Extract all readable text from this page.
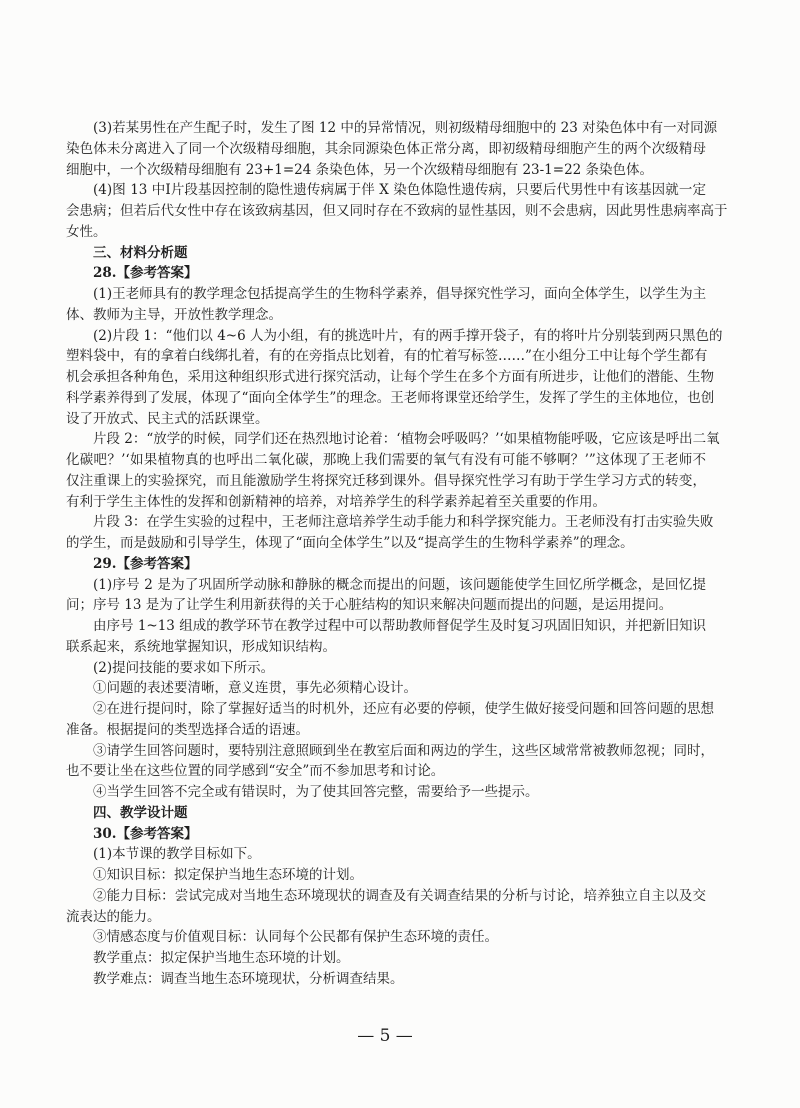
(3)若某男性在产生配子时，发生了图 12 中的异常情况，则初级精母细胞中的 23 对染色体中有一对同源
染色体未分离进入了同一个次级精母细胞，其余同源染色体正常分离，即初级精母细胞产生的两个次级精母
细胞中，一个次级精母细胞有 23+1=24 条染色体，另一个次级精母细胞有 23-1=22 条染色体。
(4)图 13 中Ⅰ片段基因控制的隐性遗传病属于伴 X 染色体隐性遗传病，只要后代男性中有该基因就一定
会患病；但若后代女性中存在该致病基因，但又同时存在不致病的显性基因，则不会患病，因此男性患病率高于
女性。
三、材料分析题
28.【参考答案】
(1)王老师具有的教学理念包括提高学生的生物科学素养，倡导探究性学习，面向全体学生，以学生为主
体、教师为主导，开放性教学理念。
(2)片段 1：“他们以 4~6 人为小组，有的挑选叶片，有的两手撑开袋子，有的将叶片分别装到两只黑色的
塑料袋中，有的拿着白线绑扎着，有的在旁指点比划着，有的忙着写标签……”在小组分工中让每个学生都有
机会承担各种角色，采用这种组织形式进行探究活动，让每个学生在多个方面有所进步，让他们的潜能、生物
科学素养得到了发展，体现了“面向全体学生”的理念。王老师将课堂还给学生，发挥了学生的主体地位，也创
设了开放式、民主式的活跃课堂。
片段 2：“放学的时候，同学们还在热烈地讨论着：‘植物会呼吸吗？’‘如果植物能呼吸，它应该是呼出二氧
化碳吧？’‘如果植物真的也呼出二氧化碳，那晚上我们需要的氧气有没有可能不够啊？’”这体现了王老师不
仅注重课上的实验探究，而且能激励学生将探究迁移到课外。倡导探究性学习有助于学生学习方式的转变，
有利于学生主体性的发挥和创新精神的培养，对培养学生的科学素养起着至关重要的作用。
片段 3：在学生实验的过程中，王老师注意培养学生动手能力和科学探究能力。王老师没有打击实验失败
的学生，而是鼓励和引导学生，体现了“面向全体学生”以及“提高学生的生物科学素养”的理念。
29.【参考答案】
(1)序号 2 是为了巩固所学动脉和静脉的概念而提出的问题，该问题能使学生回忆所学概念，是回忆提
问；序号 13 是为了让学生利用新获得的关于心脏结构的知识来解决问题而提出的问题，是运用提问。
由序号 1~13 组成的教学环节在教学过程中可以帮助教师督促学生及时复习巩固旧知识，并把新旧知识
联系起来，系统地掌握知识，形成知识结构。
(2)提问技能的要求如下所示。
①问题的表述要清晰，意义连贯，事先必须精心设计。
②在进行提问时，除了掌握好适当的时机外，还应有必要的停顿，使学生做好接受问题和回答问题的思想
准备。根据提问的类型选择合适的语速。
③请学生回答问题时，要特别注意照顾到坐在教室后面和两边的学生，这些区域常常被教师忽视；同时，
也不要让坐在这些位置的同学感到“安全”而不参加思考和讨论。
④当学生回答不完全或有错误时，为了使其回答完整，需要给予一些提示。
四、教学设计题
30.【参考答案】
(1)本节课的教学目标如下。
①知识目标：拟定保护当地生态环境的计划。
②能力目标：尝试完成对当地生态环境现状的调查及有关调查结果的分析与讨论，培养独立自主以及交
流表达的能力。
③情感态度与价值观目标：认同每个公民都有保护生态环境的责任。
教学重点：拟定保护当地生态环境的计划。
教学难点：调查当地生态环境现状，分析调查结果。
— 5 —
